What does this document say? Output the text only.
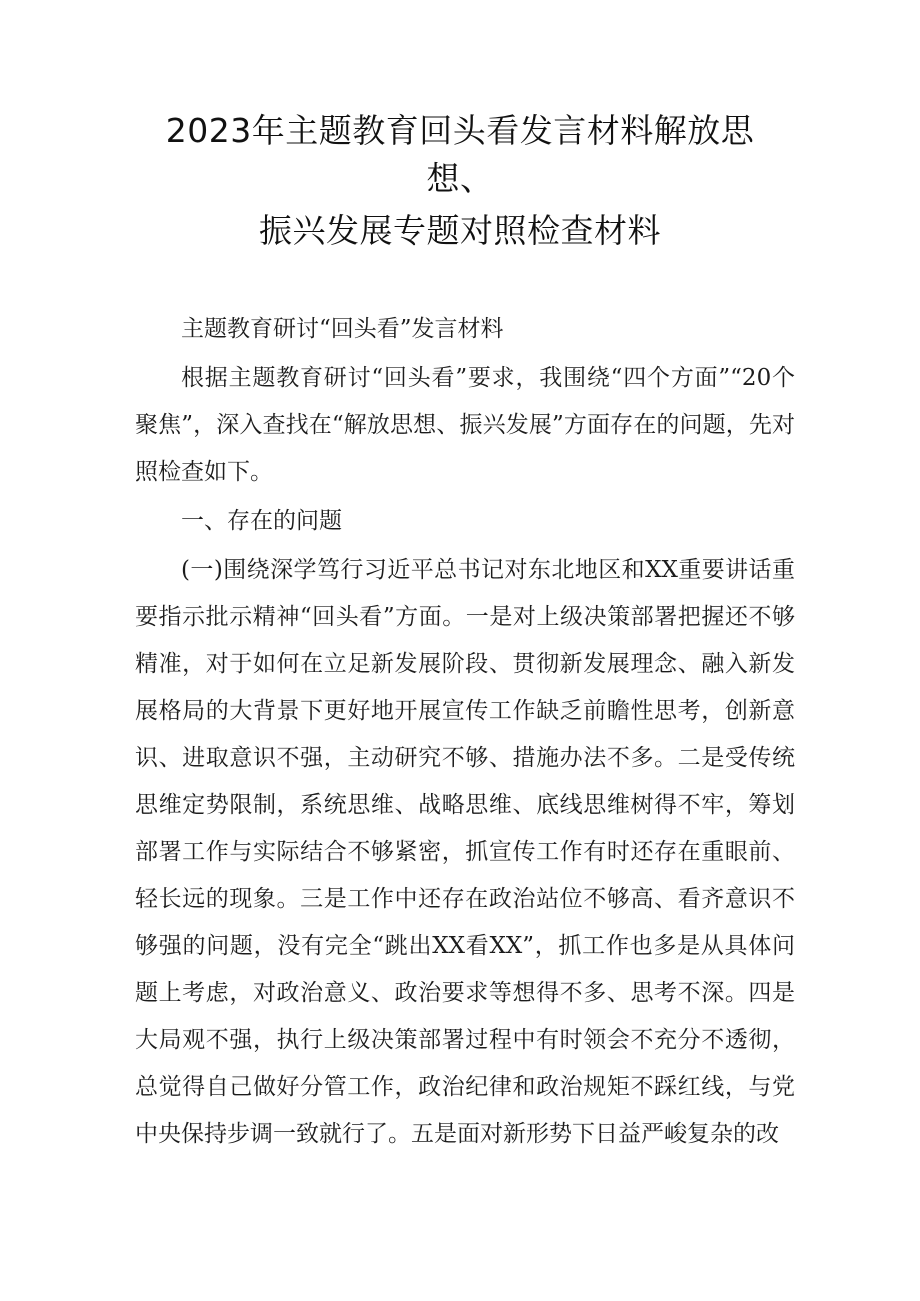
2023年主题教育回头看发言材料解放思
想、
振兴发展专题对照检查材料

主题教育研讨“回头看”发言材料

根据主题教育研讨“回头看”要求，我围绕“四个方面”“20个聚焦”，深入查找在“解放思想、振兴发展”方面存在的问题，先对照检查如下。

一、存在的问题

(一)围绕深学笃行习近平总书记对东北地区和XX重要讲话重要指示批示精神“回头看”方面。一是对上级决策部署把握还不够精准，对于如何在立足新发展阶段、贯彻新发展理念、融入新发展格局的大背景下更好地开展宣传工作缺乏前瞻性思考，创新意识、进取意识不强，主动研究不够、措施办法不多。二是受传统思维定势限制，系统思维、战略思维、底线思维树得不牢，筹划部署工作与实际结合不够紧密，抓宣传工作有时还存在重眼前、轻长远的现象。三是工作中还存在政治站位不够高、看齐意识不够强的问题，没有完全“跳出XX看XX”，抓工作也多是从具体问题上考虑，对政治意义、政治要求等想得不多、思考不深。四是大局观不强，执行上级决策部署过程中有时领会不充分不透彻，总觉得自己做好分管工作，政治纪律和政治规矩不踩红线，与党中央保持步调一致就行了。五是面对新形势下日益严峻复杂的改
